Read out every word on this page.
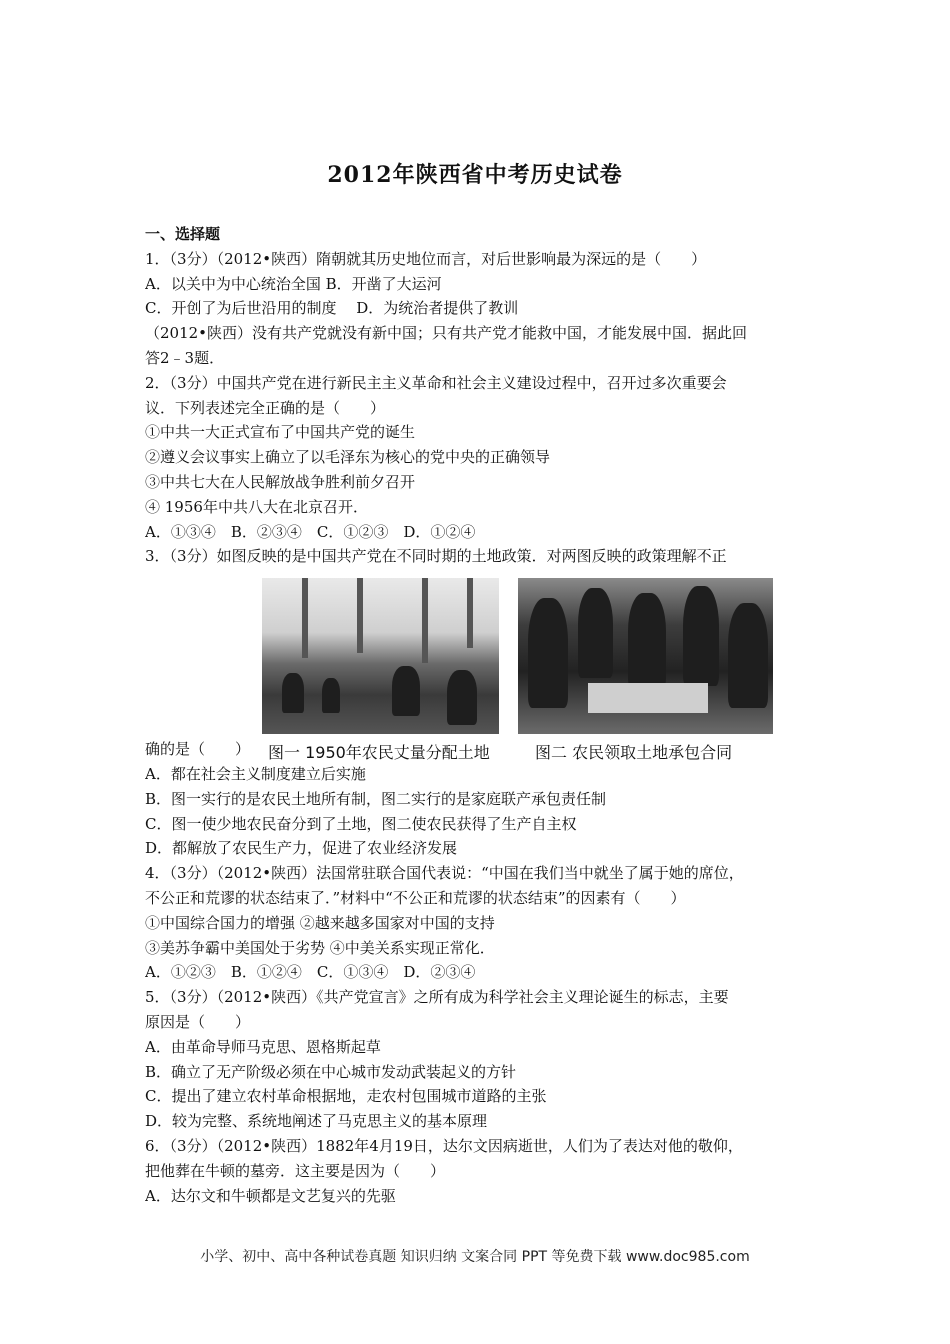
2012年陕西省中考历史试卷
一、选择题
1．（3分）（2012•陕西）隋朝就其历史地位而言，对后世影响最为深远的是（　　）
A．以关中为中心统治全国 B．开凿了大运河
C．开创了为后世沿用的制度　 D．为统治者提供了教训
（2012•陕西）没有共产党就没有新中国；只有共产党才能救中国，才能发展中国．据此回
答2﹣3题．
2．（3分）中国共产党在进行新民主主义革命和社会主义建设过程中，召开过多次重要会
议．下列表述完全正确的是（　　）
①中共一大正式宣布了中国共产党的诞生
②遵义会议事实上确立了以毛泽东为核心的党中央的正确领导
③中共七大在人民解放战争胜利前夕召开
④ 1956年中共八大在北京召开．
A．①③④　B．②③④　C．①②③　D．①②④
3．（3分）如图反映的是中国共产党在不同时期的土地政策．对两图反映的政策理解不正
确的是（　　）
A．都在社会主义制度建立后实施
B．图一实行的是农民土地所有制，图二实行的是家庭联产承包责任制
C．图一使少地农民奋分到了土地，图二使农民获得了生产自主权
D．都解放了农民生产力，促进了农业经济发展
4．（3分）（2012•陕西）法国常驻联合国代表说：“中国在我们当中就坐了属于她的席位，
不公正和荒谬的状态结束了．”材料中“不公正和荒谬的状态结束”的因素有（　　）
①中国综合国力的增强 ②越来越多国家对中国的支持
③美苏争霸中美国处于劣势 ④中美关系实现正常化．
A．①②③　B．①②④　C．①③④　D．②③④
5．（3分）（2012•陕西）《共产党宣言》之所有成为科学社会主义理论诞生的标志，主要
原因是（　　）
A．由革命导师马克思、恩格斯起草
B．确立了无产阶级必须在中心城市发动武装起义的方针
C．提出了建立农村革命根据地，走农村包围城市道路的主张
D．较为完整、系统地阐述了马克思主义的基本原理
6．（3分）（2012•陕西）1882年4月19日，达尔文因病逝世，人们为了表达对他的敬仰，
把他葬在牛顿的墓旁．这主要是因为（　　）
A．达尔文和牛顿都是文艺复兴的先驱
图一 1950年农民丈量分配土地	图二 农民领取土地承包合同
小学、初中、高中各种试卷真题 知识归纳 文案合同 PPT 等免费下载 www.doc985.com
